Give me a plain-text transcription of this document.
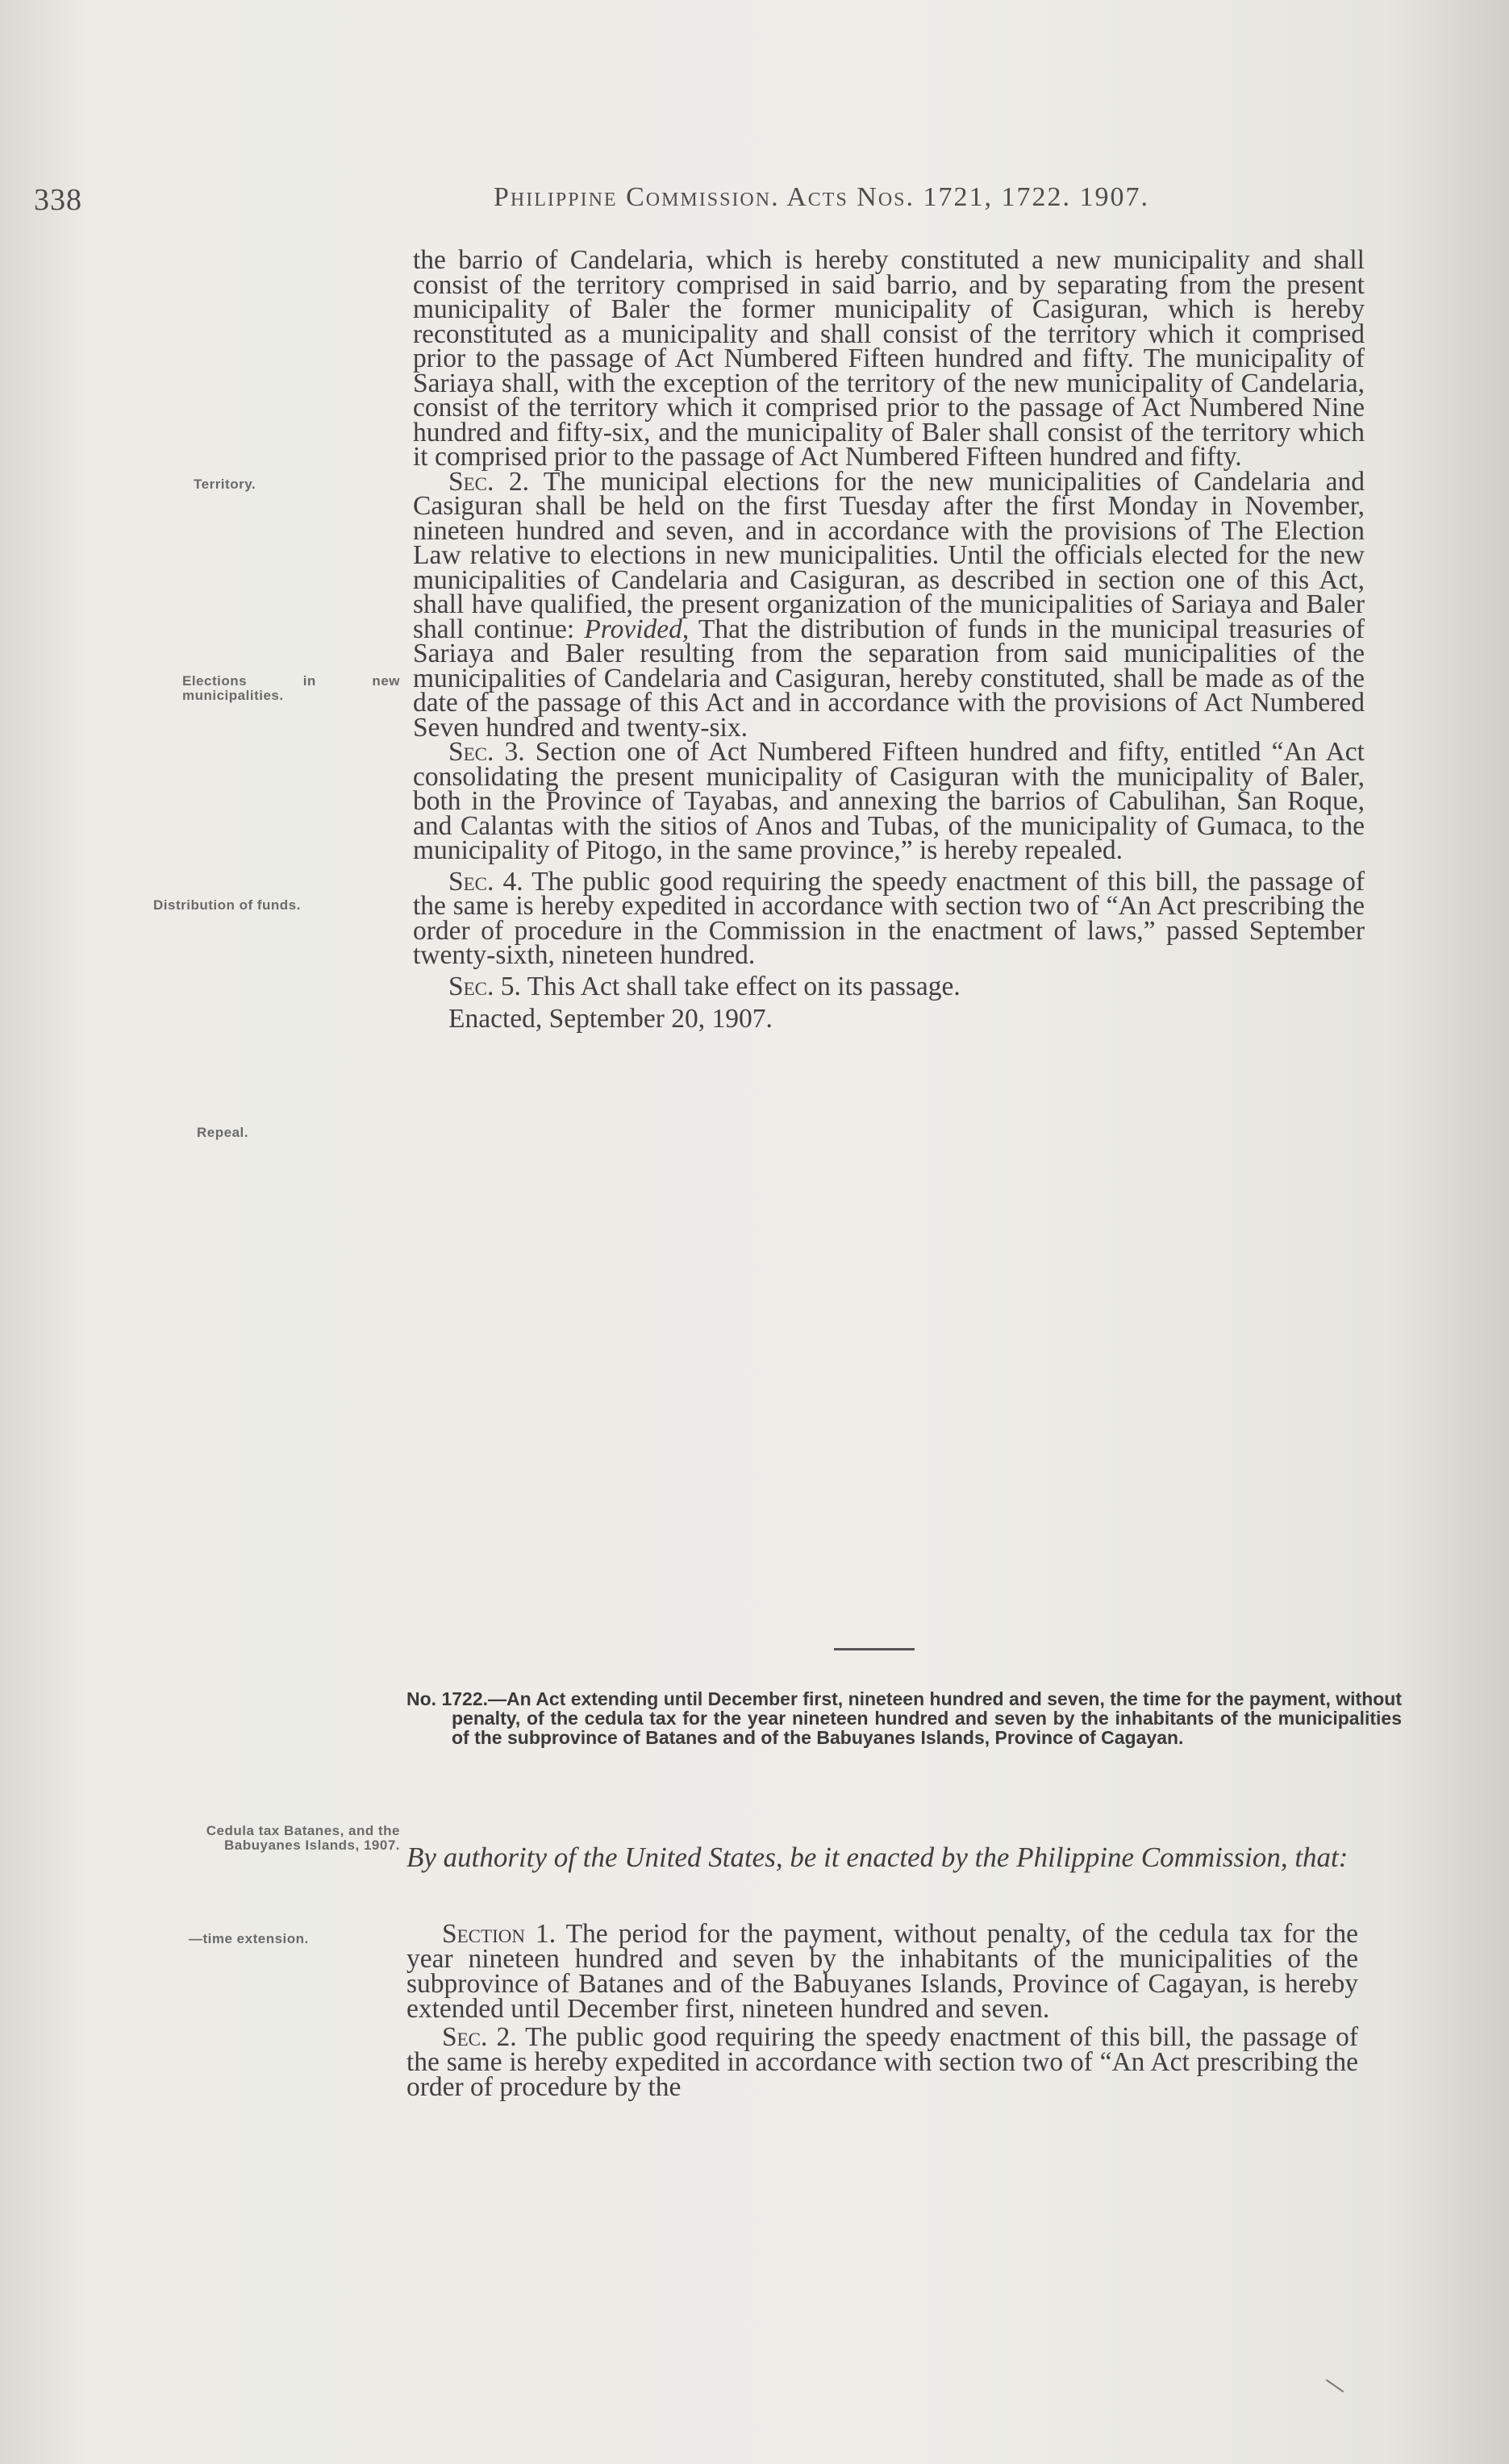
338	Philippine Commission. Acts Nos. 1721, 1722. 1907.
Territory.
Elections in new municipalities.
Distribution of funds.
Repeal.
Cedula tax Batanes, and the Babuyanes Islands, 1907.
—time extension.

the barrio of Candelaria, which is hereby constituted a new municipality and shall consist of the territory comprised in said barrio, and by separating from the present municipality of Baler the former municipality of Casiguran, which is hereby reconstituted as a municipality and shall consist of the territory which it comprised prior to the passage of Act Numbered Fifteen hundred and fifty. The municipality of Sariaya shall, with the exception of the territory of the new municipality of Candelaria, consist of the territory which it comprised prior to the passage of Act Numbered Nine hundred and fifty-six, and the municipality of Baler shall consist of the territory which it comprised prior to the passage of Act Numbered Fifteen hundred and fifty.

Sec. 2. The municipal elections for the new municipalities of Candelaria and Casiguran shall be held on the first Tuesday after the first Monday in November, nineteen hundred and seven, and in accordance with the provisions of The Election Law relative to elections in new municipalities. Until the officials elected for the new municipalities of Candelaria and Casiguran, as described in section one of this Act, shall have qualified, the present organization of the municipalities of Sariaya and Baler shall continue: Provided, That the distribution of funds in the municipal treasuries of Sariaya and Baler resulting from the separation from said municipalities of the municipalities of Candelaria and Casiguran, hereby constituted, shall be made as of the date of the passage of this Act and in accordance with the provisions of Act Numbered Seven hundred and twenty-six.

Sec. 3. Section one of Act Numbered Fifteen hundred and fifty, entitled “An Act consolidating the present municipality of Casiguran with the municipality of Baler, both in the Province of Tayabas, and annexing the barrios of Cabulihan, San Roque, and Calantas with the sitios of Anos and Tubas, of the municipality of Gumaca, to the municipality of Pitogo, in the same province,” is hereby repealed.

Sec. 4. The public good requiring the speedy enactment of this bill, the passage of the same is hereby expedited in accordance with section two of “An Act prescribing the order of procedure in the Commission in the enactment of laws,” passed September twenty-sixth, nineteen hundred.

Sec. 5. This Act shall take effect on its passage.

Enacted, September 20, 1907.

No. 1722.—An Act extending until December first, nineteen hundred and seven, the time for the payment, without penalty, of the cedula tax for the year nineteen hundred and seven by the inhabitants of the municipalities of the subprovince of Batanes and of the Babuyanes Islands, Province of Cagayan.
By authority of the United States, be it enacted by the Philippine Commission, that:

Section 1. The period for the payment, without penalty, of the cedula tax for the year nineteen hundred and seven by the inhabitants of the municipalities of the subprovince of Batanes and of the Babuyanes Islands, Province of Cagayan, is hereby extended until December first, nineteen hundred and seven.

Sec. 2. The public good requiring the speedy enactment of this bill, the passage of the same is hereby expedited in accordance with section two of “An Act prescribing the order of procedure by the
